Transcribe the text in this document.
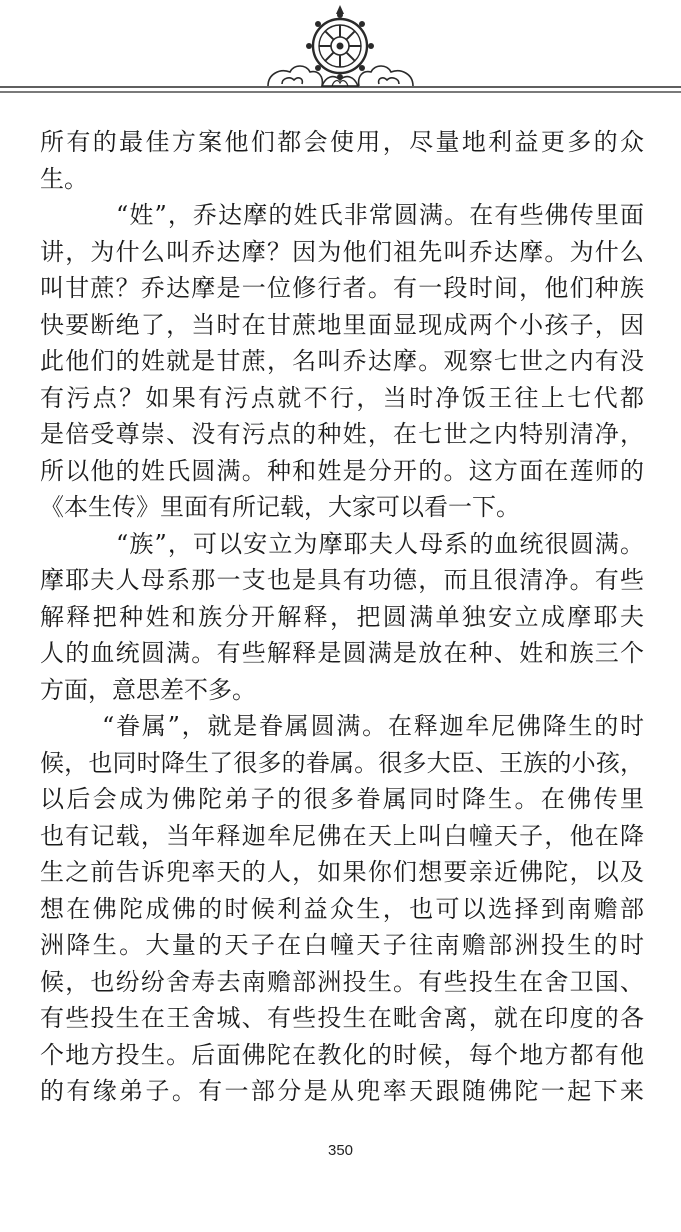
所有的最佳方案他们都会使用，尽量地利益更多的众
生。
“姓”，乔达摩的姓氏非常圆满。在有些佛传里面
讲，为什么叫乔达摩？因为他们祖先叫乔达摩。为什么
叫甘蔗？乔达摩是一位修行者。有一段时间，他们种族
快要断绝了，当时在甘蔗地里面显现成两个小孩子，因
此他们的姓就是甘蔗，名叫乔达摩。观察七世之内有没
有污点？如果有污点就不行，当时净饭王往上七代都
是倍受尊崇、没有污点的种姓，在七世之内特别清净，
所以他的姓氏圆满。种和姓是分开的。这方面在莲师的
《本生传》里面有所记载，大家可以看一下。
“族”，可以安立为摩耶夫人母系的血统很圆满。
摩耶夫人母系那一支也是具有功德，而且很清净。有些
解释把种姓和族分开解释，把圆满单独安立成摩耶夫
人的血统圆满。有些解释是圆满是放在种、姓和族三个
方面，意思差不多。
“眷属”，就是眷属圆满。在释迦牟尼佛降生的时
候，也同时降生了很多的眷属。很多大臣、王族的小孩，
以后会成为佛陀弟子的很多眷属同时降生。在佛传里
也有记载，当年释迦牟尼佛在天上叫白幢天子，他在降
生之前告诉兜率天的人，如果你们想要亲近佛陀，以及
想在佛陀成佛的时候利益众生，也可以选择到南赡部
洲降生。大量的天子在白幢天子往南赡部洲投生的时
候，也纷纷舍寿去南赡部洲投生。有些投生在舍卫国、
有些投生在王舍城、有些投生在毗舍离，就在印度的各
个地方投生。后面佛陀在教化的时候，每个地方都有他
的有缘弟子。有一部分是从兜率天跟随佛陀一起下来
350
